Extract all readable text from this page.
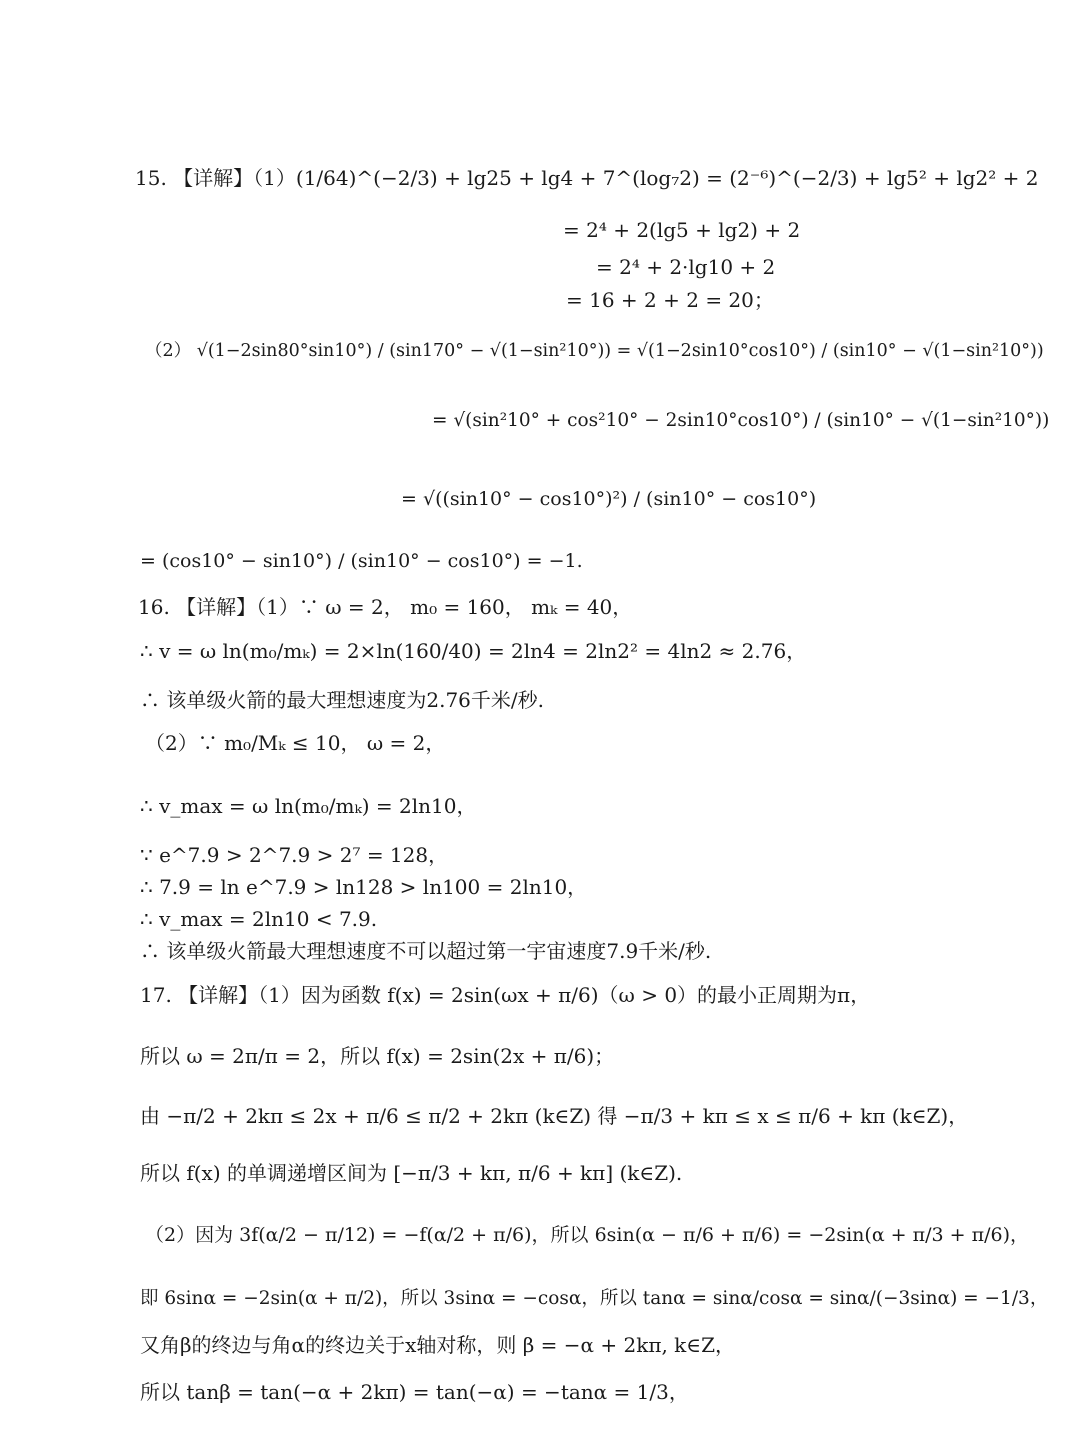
15. 【详解】（1）(1/64)^(−2/3) + lg25 + lg4 + 7^(log₇2) = (2⁻⁶)^(−2/3) + lg5² + lg2² + 2
= 2⁴ + 2(lg5 + lg2) + 2
= 2⁴ + 2·lg10 + 2
= 16 + 2 + 2 = 20；
（2） √(1−2sin80°sin10°) / (sin170° − √(1−sin²10°)) = √(1−2sin10°cos10°) / (sin10° − √(1−sin²10°))
= √(sin²10° + cos²10° − 2sin10°cos10°) / (sin10° − √(1−sin²10°))
= √((sin10° − cos10°)²) / (sin10° − cos10°)
= (cos10° − sin10°) / (sin10° − cos10°) = −1.
16. 【详解】（1）∵ ω = 2， m₀ = 160， mₖ = 40，
∴ v = ω ln(m₀/mₖ) = 2×ln(160/40) = 2ln4 = 2ln2² = 4ln2 ≈ 2.76，
∴ 该单级火箭的最大理想速度为2.76千米/秒.
（2）∵ m₀/Mₖ ≤ 10， ω = 2，
∴ v_max = ω ln(m₀/mₖ) = 2ln10，
∵ e^7.9 > 2^7.9 > 2⁷ = 128，
∴ 7.9 = ln e^7.9 > ln128 > ln100 = 2ln10，
∴ v_max = 2ln10 < 7.9.
∴ 该单级火箭最大理想速度不可以超过第一宇宙速度7.9千米/秒.
17. 【详解】（1）因为函数 f(x) = 2sin(ωx + π/6)（ω > 0）的最小正周期为π，
所以 ω = 2π/π = 2，所以 f(x) = 2sin(2x + π/6)；
由 −π/2 + 2kπ ≤ 2x + π/6 ≤ π/2 + 2kπ (k∈Z) 得 −π/3 + kπ ≤ x ≤ π/6 + kπ (k∈Z)，
所以 f(x) 的单调递增区间为 [−π/3 + kπ, π/6 + kπ] (k∈Z).
（2）因为 3f(α/2 − π/12) = −f(α/2 + π/6)，所以 6sin(α − π/6 + π/6) = −2sin(α + π/3 + π/6)，
即 6sinα = −2sin(α + π/2)，所以 3sinα = −cosα，所以 tanα = sinα/cosα = sinα/(−3sinα) = −1/3，
又角β的终边与角α的终边关于x轴对称，则 β = −α + 2kπ, k∈Z，
所以 tanβ = tan(−α + 2kπ) = tan(−α) = −tanα = 1/3，
